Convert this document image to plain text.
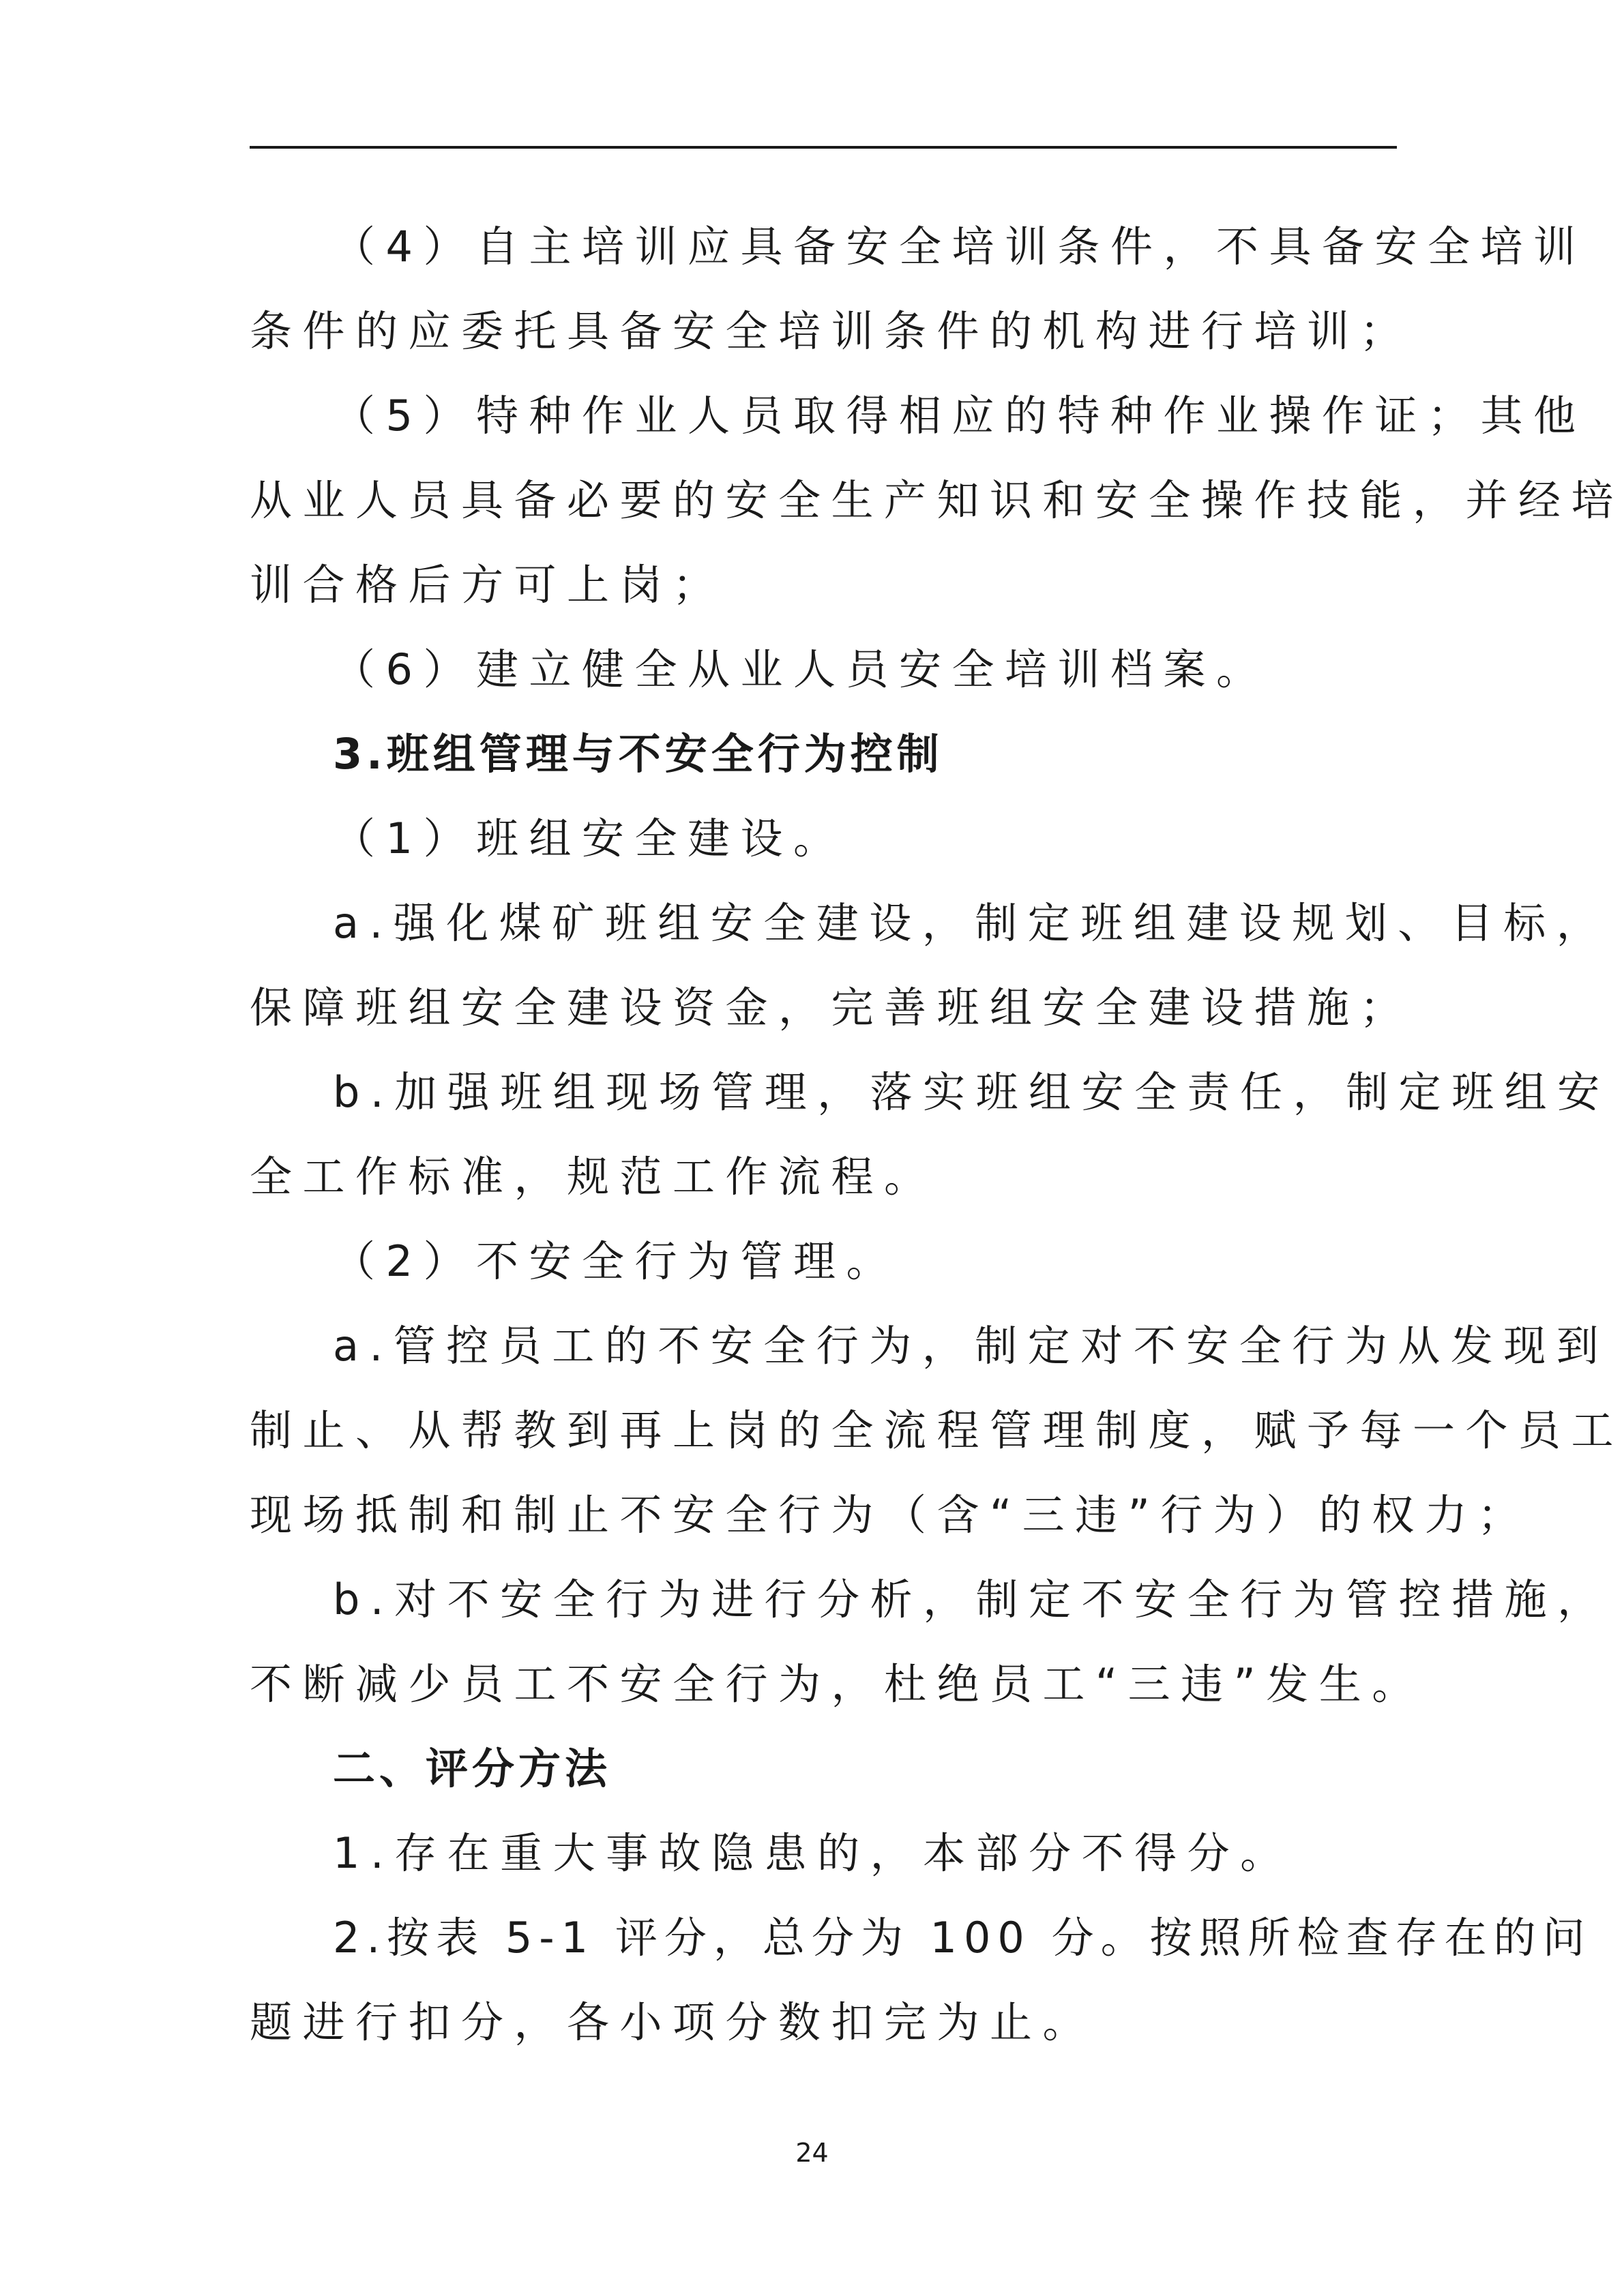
（4）自主培训应具备安全培训条件，不具备安全培训
条件的应委托具备安全培训条件的机构进行培训；
（5）特种作业人员取得相应的特种作业操作证；其他
从业人员具备必要的安全生产知识和安全操作技能，并经培
训合格后方可上岗；
（6）建立健全从业人员安全培训档案。
3.班组管理与不安全行为控制
（1）班组安全建设。
a.强化煤矿班组安全建设，制定班组建设规划、目标，
保障班组安全建设资金，完善班组安全建设措施；
b.加强班组现场管理，落实班组安全责任，制定班组安
全工作标准，规范工作流程。
（2）不安全行为管理。
a.管控员工的不安全行为，制定对不安全行为从发现到
制止、从帮教到再上岗的全流程管理制度，赋予每一个员工
现场抵制和制止不安全行为（含“三违”行为）的权力；
b.对不安全行为进行分析，制定不安全行为管控措施，
不断减少员工不安全行为，杜绝员工“三违”发生。
二、评分方法
1.存在重大事故隐患的，本部分不得分。
2.按表 5-1 评分，总分为 100 分。按照所检查存在的问
题进行扣分，各小项分数扣完为止。
24
